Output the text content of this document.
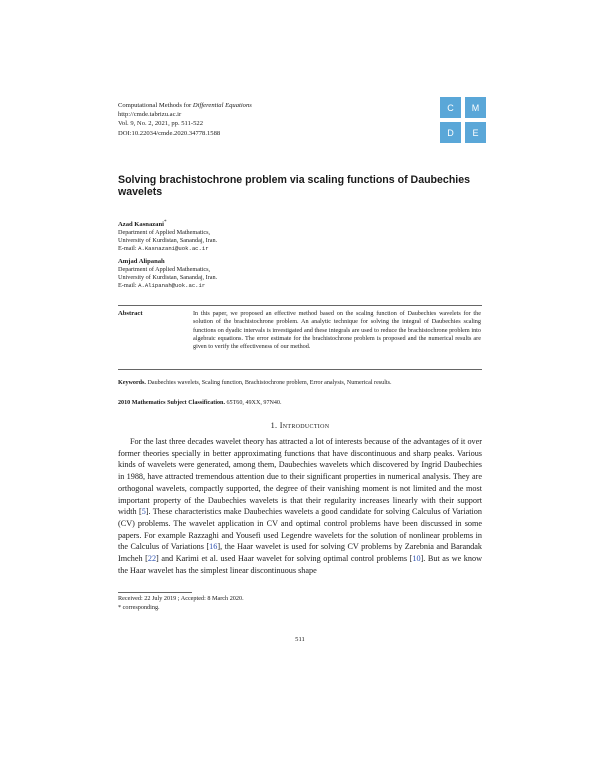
Computational Methods for Differential Equations
http://cmde.tabrizu.ac.ir
Vol. 9, No. 2, 2021, pp. 511-522
DOI:10.22034/cmde.2020.34778.1588
C	M
D	E
Solving brachistochrone problem via scaling functions of Daubechies wavelets
Azad Kasnazani*
Department of Applied Mathematics,
University of Kurdistan, Sanandaj, Iran.
E-mail: A.Kasnazani@uok.ac.ir
Amjad Alipanah
Department of Applied Mathematics,
University of Kurdistan, Sanandaj, Iran.
E-mail: A.Alipanah@uok.ac.ir
Abstract	In this paper, we proposed an effective method based on the scaling function of Daubechies wavelets for the solution of the brachistochrone problem. An analytic technique for solving the integral of Daubechies scaling functions on dyadic intervals is investigated and these integrals are used to reduce the brachistochrone problem into algebraic equations. The error estimate for the brachistochrone problem is proposed and the numerical results are given to verify the effectiveness of our method.
Keywords. Daubechies wavelets, Scaling function, Brachistochrone problem, Error analysis, Numerical results.
2010 Mathematics Subject Classification. 65T60, 49XX, 97N40.
1. Introduction

For the last three decades wavelet theory has attracted a lot of interests because of the advantages of it over former theories specially in better approximating functions that have discontinuous and sharp peaks. Various kinds of wavelets were generated, among them, Daubechies wavelets which discovered by Ingrid Daubechies in 1988, have attracted tremendous attention due to their significant properties in numerical analysis. They are orthogonal wavelets, compactly supported, the degree of their vanishing moment is not limited and the most important property of the Daubechies wavelets is that their regularity increases linearly with their support width [5]. These characteristics make Daubechies wavelets a good candidate for solving Calculus of Variation (CV) problems. The wavelet application in CV and optimal control problems have been discussed in some papers. For example Razzaghi and Yousefi used Legendre wavelets for the solution of nonlinear problems in the Calculus of Variations [16], the Haar wavelet is used for solving CV problems by Zarebnia and Barandak Imcheh [22] and Karimi et al. used Haar wavelet for solving optimal control problems [10]. But as we know the Haar wavelet has the simplest linear discontinuous shape

Received: 22 July 2019 ; Accepted: 8 March 2020.
* corresponding.
511
